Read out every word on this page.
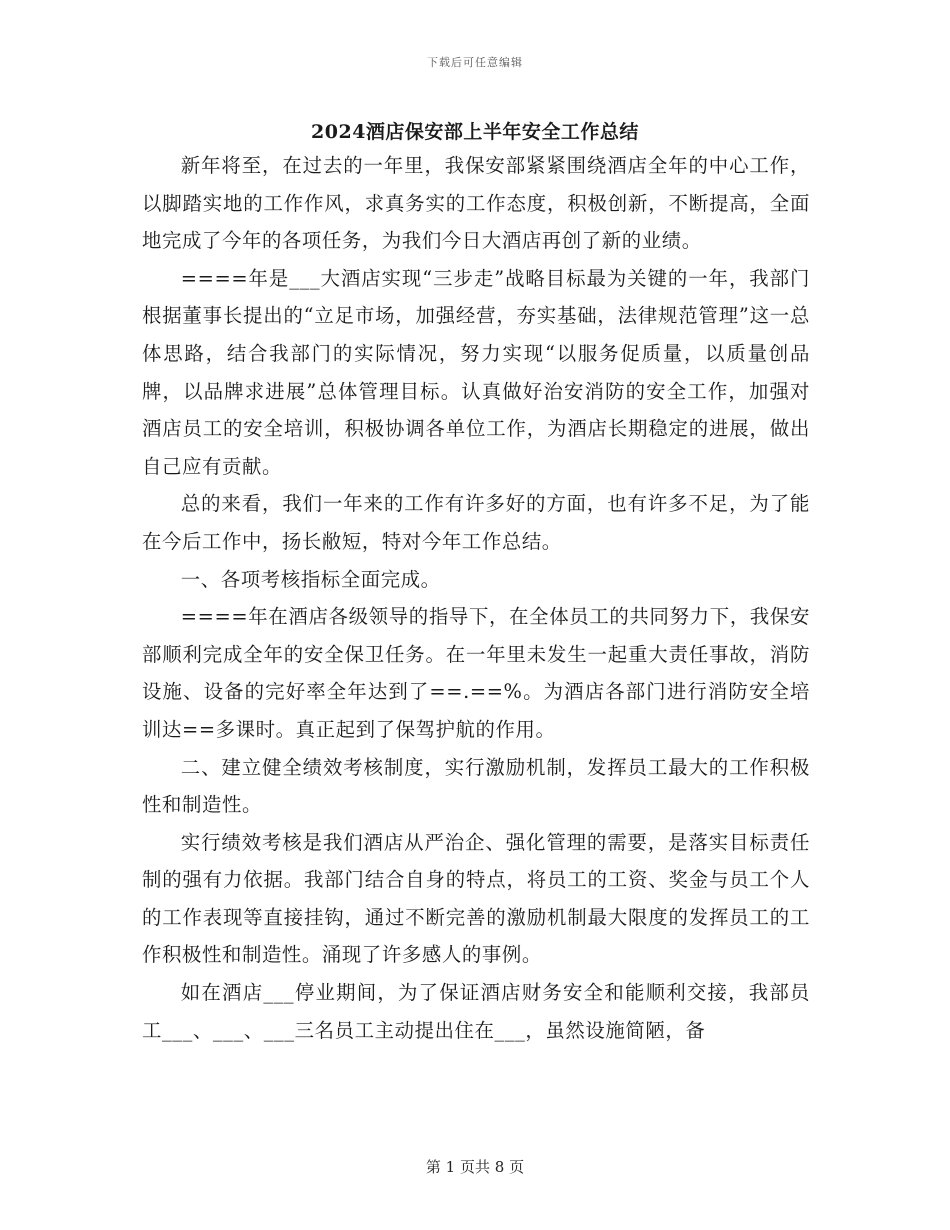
下载后可任意编辑
2024酒店保安部上半年安全工作总结

新年将至，在过去的一年里，我保安部紧紧围绕酒店全年的中心工作，以脚踏实地的工作作风，求真务实的工作态度，积极创新，不断提高，全面地完成了今年的各项任务，为我们今日大酒店再创了新的业绩。

====年是___大酒店实现“三步走”战略目标最为关键的一年，我部门根据董事长提出的“立足市场，加强经营，夯实基础，法律规范管理”这一总体思路，结合我部门的实际情况，努力实现“以服务促质量，以质量创品牌，以品牌求进展”总体管理目标。认真做好治安消防的安全工作，加强对酒店员工的安全培训，积极协调各单位工作，为酒店长期稳定的进展，做出自己应有贡献。

总的来看，我们一年来的工作有许多好的方面，也有许多不足，为了能在今后工作中，扬长敝短，特对今年工作总结。

一、各项考核指标全面完成。

====年在酒店各级领导的指导下，在全体员工的共同努力下，我保安部顺利完成全年的安全保卫任务。在一年里未发生一起重大责任事故，消防设施、设备的完好率全年达到了==.==%。为酒店各部门进行消防安全培训达==多课时。真正起到了保驾护航的作用。

二、建立健全绩效考核制度，实行激励机制，发挥员工最大的工作积极性和制造性。

实行绩效考核是我们酒店从严治企、强化管理的需要，是落实目标责任制的强有力依据。我部门结合自身的特点，将员工的工资、奖金与员工个人的工作表现等直接挂钩，通过不断完善的激励机制最大限度的发挥员工的工作积极性和制造性。涌现了许多感人的事例。

如在酒店___停业期间，为了保证酒店财务安全和能顺利交接，我部员工___、___、___三名员工主动提出住在___，虽然设施简陋，备

第 1 页共 8 页
